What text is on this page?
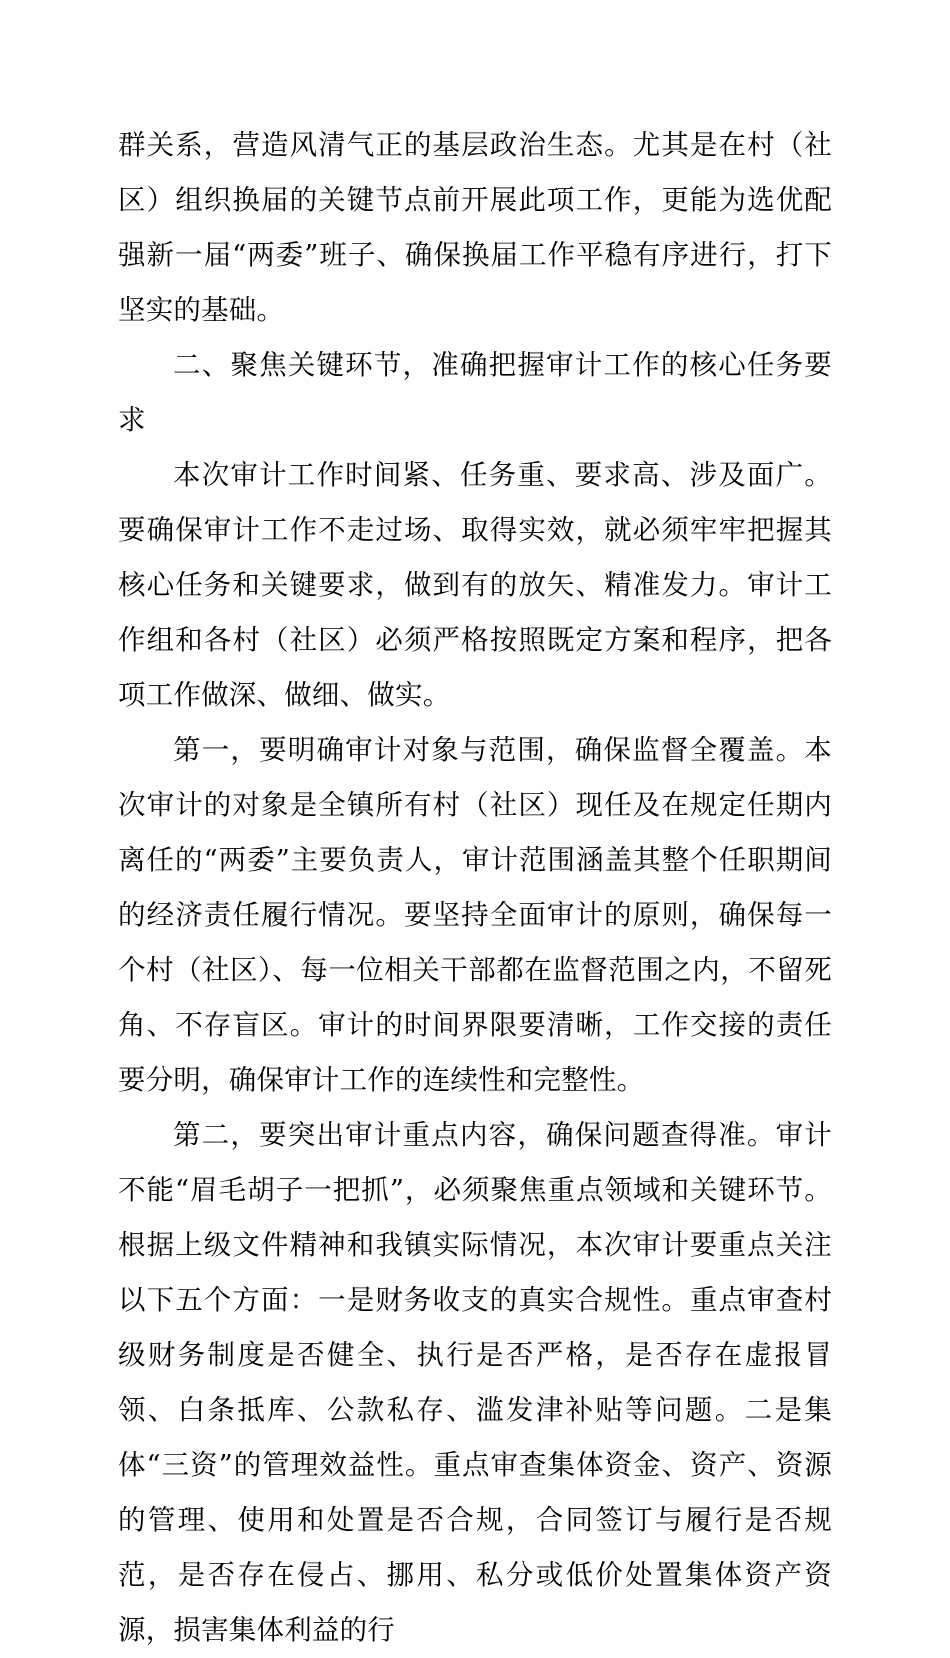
群关系，营造风清气正的基层政治生态。尤其是在村（社区）组织换届的关键节点前开展此项工作，更能为选优配强新一届“两委”班子、确保换届工作平稳有序进行，打下坚实的基础。

二、聚焦关键环节，准确把握审计工作的核心任务要求

本次审计工作时间紧、任务重、要求高、涉及面广。要确保审计工作不走过场、取得实效，就必须牢牢把握其核心任务和关键要求，做到有的放矢、精准发力。审计工作组和各村（社区）必须严格按照既定方案和程序，把各项工作做深、做细、做实。

第一，要明确审计对象与范围，确保监督全覆盖。本次审计的对象是全镇所有村（社区）现任及在规定任期内离任的“两委”主要负责人，审计范围涵盖其整个任职期间的经济责任履行情况。要坚持全面审计的原则，确保每一个村（社区）、每一位相关干部都在监督范围之内，不留死角、不存盲区。审计的时间界限要清晰，工作交接的责任要分明，确保审计工作的连续性和完整性。

第二，要突出审计重点内容，确保问题查得准。审计不能“眉毛胡子一把抓”，必须聚焦重点领域和关键环节。根据上级文件精神和我镇实际情况，本次审计要重点关注以下五个方面：一是财务收支的真实合规性。重点审查村级财务制度是否健全、执行是否严格，是否存在虚报冒领、白条抵库、公款私存、滥发津补贴等问题。二是集体“三资”的管理效益性。重点审查集体资金、资产、资源的管理、使用和处置是否合规，合同签订与履行是否规范，是否存在侵占、挪用、私分或低价处置集体资产资源，损害集体利益的行
